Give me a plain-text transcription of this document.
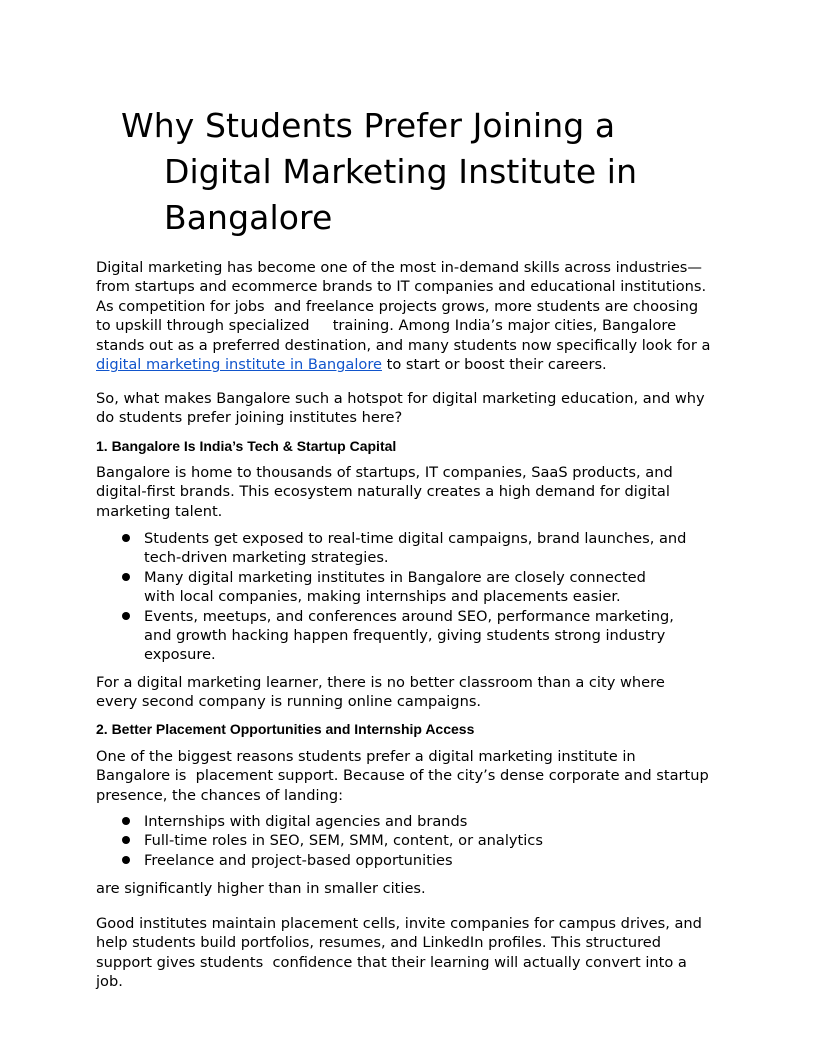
Why Students Prefer Joining a
Digital Marketing Institute in
Bangalore

Digital marketing has become one of the most in-demand skills across industries—
from startups and ecommerce brands to IT companies and educational institutions.
As competition for jobs  and freelance projects grows, more students are choosing
to upskill through specialized     training. Among India’s major cities, Bangalore
stands out as a preferred destination, and many students now specifically look for a
digital marketing institute in Bangalore to start or boost their careers.

So, what makes Bangalore such a hotspot for digital marketing education, and why
do students prefer joining institutes here?

1. Bangalore Is India’s Tech & Startup Capital

Bangalore is home to thousands of startups, IT companies, SaaS products, and
digital-first brands. This ecosystem naturally creates a high demand for digital
marketing talent.

Students get exposed to real-time digital campaigns, brand launches, and
tech-driven marketing strategies.
Many digital marketing institutes in Bangalore are closely connected
with local companies, making internships and placements easier.
Events, meetups, and conferences around SEO, performance marketing,
and growth hacking happen frequently, giving students strong industry
exposure.

For a digital marketing learner, there is no better classroom than a city where
every second company is running online campaigns.

2. Better Placement Opportunities and Internship Access

One of the biggest reasons students prefer a digital marketing institute in
Bangalore is  placement support. Because of the city’s dense corporate and startup
presence, the chances of landing:

Internships with digital agencies and brands
Full-time roles in SEO, SEM, SMM, content, or analytics
Freelance and project-based opportunities

are significantly higher than in smaller cities.

Good institutes maintain placement cells, invite companies for campus drives, and
help students build portfolios, resumes, and LinkedIn profiles. This structured
support gives students  confidence that their learning will actually convert into a
job.
